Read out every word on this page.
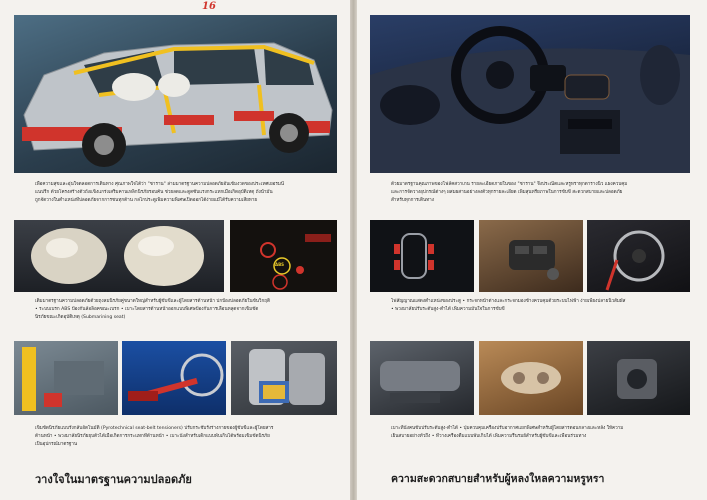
16

เพื่อความสุขและอุ่นใจตลอดการเดินทาง ศุณภาพใจได้ว่า "ชาราน" ล่ามมาตรฐานความปลอดภัยอันเข้มงวดของประเทศเยอรมนี

แนปรีก ด้วยโครงสร้างตัวถังแข็งแกร่งเสริมคานเหล็กนิรภัยรอบคัน ช่วยลดและดูดซับแรงกระแทกเมื่อเกิดอุบัติเหตุ ถังน้ำมัน

ถูกจัดวางในตำแหน่งที่ปลอดภัยจากการชนทุกด้าน กลไกประตูเพิ่มความพิเศษเปิดออกได้ง่ายแม้ได้รับความเสียหาย

ABS

เดิมมาตรฐานความปลอดภัยด้วยถุงลมนิรภัยคู่ขนาดใหญ่สำหรับผู้ขับขี่และผู้โดยสารด้านหน้า ปกป้องปลอดภัยในขั้นวิกฤติ

• ระบบเบรก ABS ป้องกันล้อล็อคขณะเบรก • เบาะโดยสารด้านหน้าออกแบบพิเศษป้องกันการเลื่อนหลุดจากเข็มขัด

นิรภัยขณะเกิดอุบัติเหตุ (Submarining seat)

เข็มขัดนิรภัยแบบรั้งกลับอัตโนมัติ (Pyrotechnical seat-belt tensioners) ปรับกระชับรั้งร่างกายของผู้ขับขี่และผู้โดยสาร

ด้านหน้า • พวงมาลัยนิรภัยยุบตัวได้เมื่อเกิดการกระแทกที่ด้านหน้า • เบาะนั่งสำหรับเด็กแบบพับเก็บได้พร้อมเข็มขัดนิรภัย

เป็นอุปกรณ์มาตรฐาน

วางใจในมาตรฐานความปลอดภัย

ด้วยมาตรฐานคุณภาพของโฟล์คสวาเกน รายละเอียดภายในของ "ชาราน" จึงประณีตและหรูหราทุกตารางนิ้ว แผงควบคุม

และการจัดวางอุปกรณ์ต่างๆ ผสมผสานอย่างลงตัวทุกรายละเอียด เพิ่มสุนทรียภาพในการขับขี่ สะดวกสบายและปลอดภัย

สำหรับทุกการเดินทาง

ไฟสัญญาณแสดงตำแหน่งของประตู • กระจกหน้าต่างและกระจกมองข้างควบคุมด้วยระบบไฟฟ้า ง่ายเพียงปลายนิ้วสัมผัส

• พวงมาลัยปรับระดับสูง-ต่ำได้ เพิ่มความมั่นใจในการขับขี่

เบาะที่นั่งคนขับปรับระดับสูง-ต่ำได้ • ปุ่มควบคุมเครื่องปรับอากาศแยกพิเศษสำหรับผู้โดยสารตอนกลางและหลัง ให้ความ

เย็นสบายอย่างทั่วถึง • ที่วางเครื่องดื่มแบบพับเก็บได้ เพิ่มความรื่นรมย์สำหรับผู้ขับขี่และเพื่อนร่วมทาง

ความสะดวกสบายสำหรับผู้หลงใหลความหรูหรา
